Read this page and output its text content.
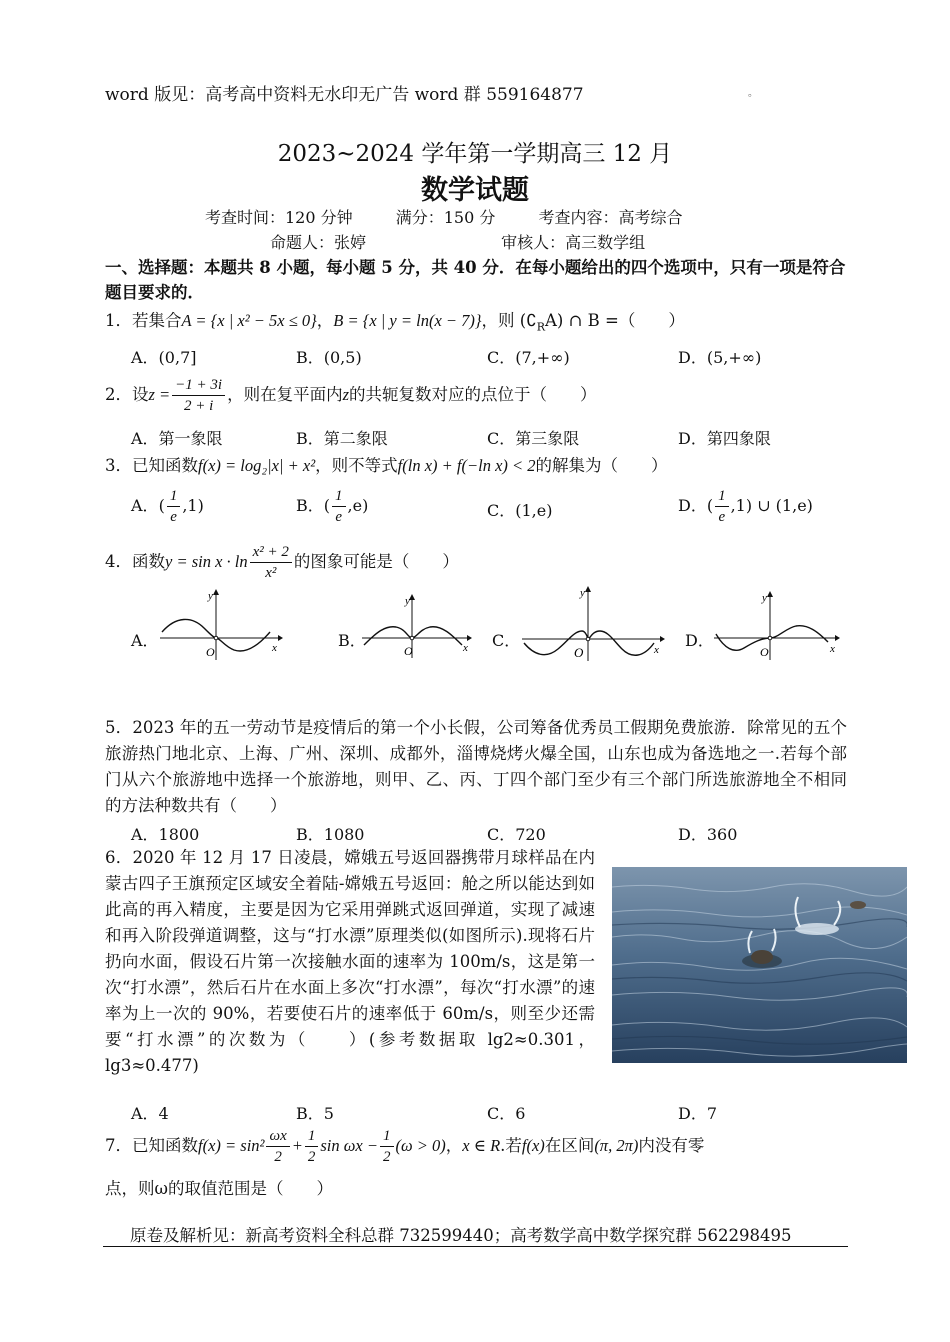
word 版见：高考高中资料无水印无广告 word 群 559164877	。
2023~2024 学年第一学期高三 12 月
数学试题
考查时间：120 分钟	满分：150 分	考查内容：高考综合
命题人：张婷	审核人：高三数学组
一、选择题：本题共 8 小题，每小题 5 分，共 40 分．在每小题给出的四个选项中，只有一项是符合题目要求的．
1．若集合A = {x | x² − 5x ≤ 0}，B = {x | y = ln(x − 7)}，则 $(∁_RA)$ ∩ B =（　　）
A．(0,7]	B．(0,5)	C．(7,+∞)	D．(5,+∞)
2．设$z = \frac{-1 + 3i}{2 + i}$ ，则在复平面内z的共轭复数对应的点位于（　　）
A．第一象限	B．第二象限	C．第三象限	D．第四象限
3．已知函数f(x) = log₂|x| + x²，则不等式f(ln x) + f(−ln x) < 2的解集为（　　）
A．( $\frac{1}{e} ,1$)	B．( $\frac{1}{e} ,e$)	C．(1,e)	D．( $\frac{1}{e} ,1$) ∪ (1,e)
4．函数$y = \sin x \cdot \ln \frac{\text{x² + 2}}{\text{x²}}$ 的图象可能是（　　）
A．	B．	C．	D．
O	x
y
O	x
y
O	x
y
O	x
y
5．2023 年的五一劳动节是疫情后的第一个小长假，公司筹备优秀员工假期免费旅游．除常见的五个旅游热门地北京、上海、广州、深圳、成都外，淄博烧烤火爆全国，山东也成为备选地之一.若每个部门从六个旅游地中选择一个旅游地，则甲、乙、丙、丁四个部门至少有三个部门所选旅游地全不相同的方法种数共有（　　）
A．1800	B．1080	C．720	D．360
6．2020 年 12 月 17 日凌晨，嫦娥五号返回器携带月球样品在内蒙古四子王旗预定区域安全着陆-嫦娥五号返回：舱之所以能达到如此高的再入精度，主要是因为它采用弹跳式返回弹道，实现了减速和再入阶段弹道调整，这与“打水漂”原理类似(如图所示).现将石片扔向水面，假设石片第一次接触水面的速率为 100m/s，这是第一次“打水漂”，然后石片在水面上多次“打水漂”，每次“打水漂”的速率为上一次的 90%，若要使石片的速率低于 60m/s，则至少还需要“打水漂”的次数为（　　）(参考数据取 lg2≈0.301，lg3≈0.477)
A．4	B．5	C．6	D．7
7．已知函数$f(x) = \sin^2 \frac{\omega x}{2} + \frac{1}{2}$ $\sin \omega x - \frac{1}{2} (\omega > 0)$，x ∈ R.若f(x)在区间(π, 2π)内没有零
点，则ω的取值范围是（　　）
原卷及解析见：新高考资料全科总群 732599440；高考数学高中数学探究群 562298495
